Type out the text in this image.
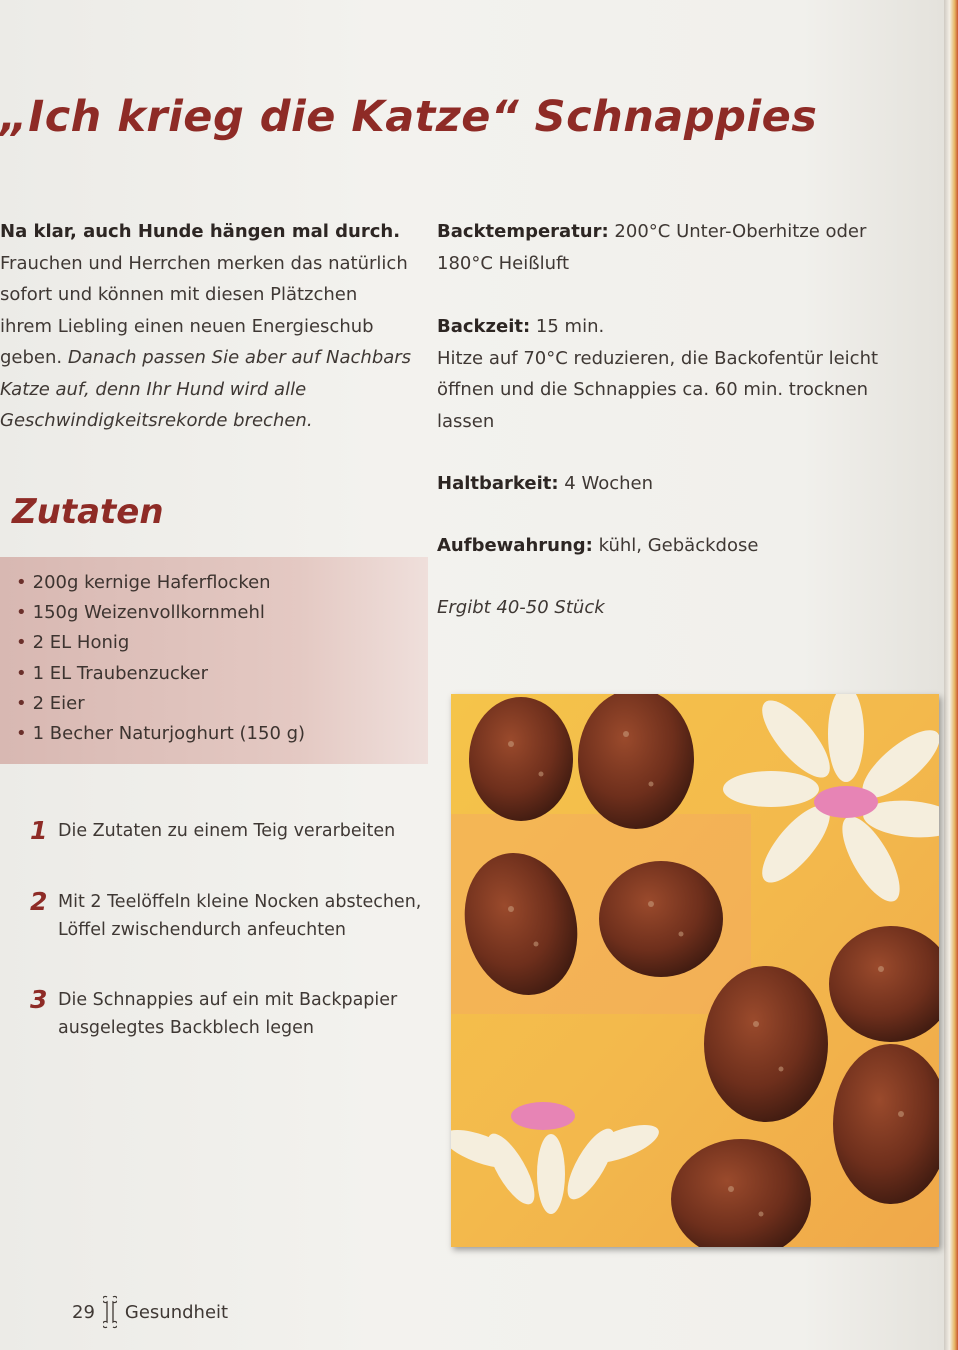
„Ich krieg die Katze“ Schnappies
Na klar, auch Hunde hängen mal durch. Frauchen und Herrchen merken das natürlich sofort und können mit diesen Plätzchen ihrem Liebling einen neuen Energieschub geben. Danach passen Sie aber auf Nachbars Katze auf, denn Ihr Hund wird alle Geschwindigkeitsrekorde brechen.
Backtemperatur: 200°C Unter-Oberhitze oder 180°C Heißluft
Backzeit: 15 min.
Hitze auf 70°C reduzieren, die Backofentür leicht öffnen und die Schnappies ca. 60 min. trocknen lassen
Haltbarkeit: 4 Wochen
Aufbewahrung: kühl, Gebäckdose
Ergibt 40-50 Stück
Zutaten
• 200g kernige Haferflocken
• 150g Weizenvollkornmehl
• 2 EL Honig
• 1 EL Traubenzucker
• 2 Eier
• 1 Becher Naturjoghurt (150 g)
1 Die Zutaten zu einem Teig verarbeiten
2 Mit 2 Teelöffeln kleine Nocken abstechen, Löffel zwischendurch anfeuchten
3 Die Schnappies auf ein mit Backpapier ausgelegtes Backblech legen
29 Gesundheit
